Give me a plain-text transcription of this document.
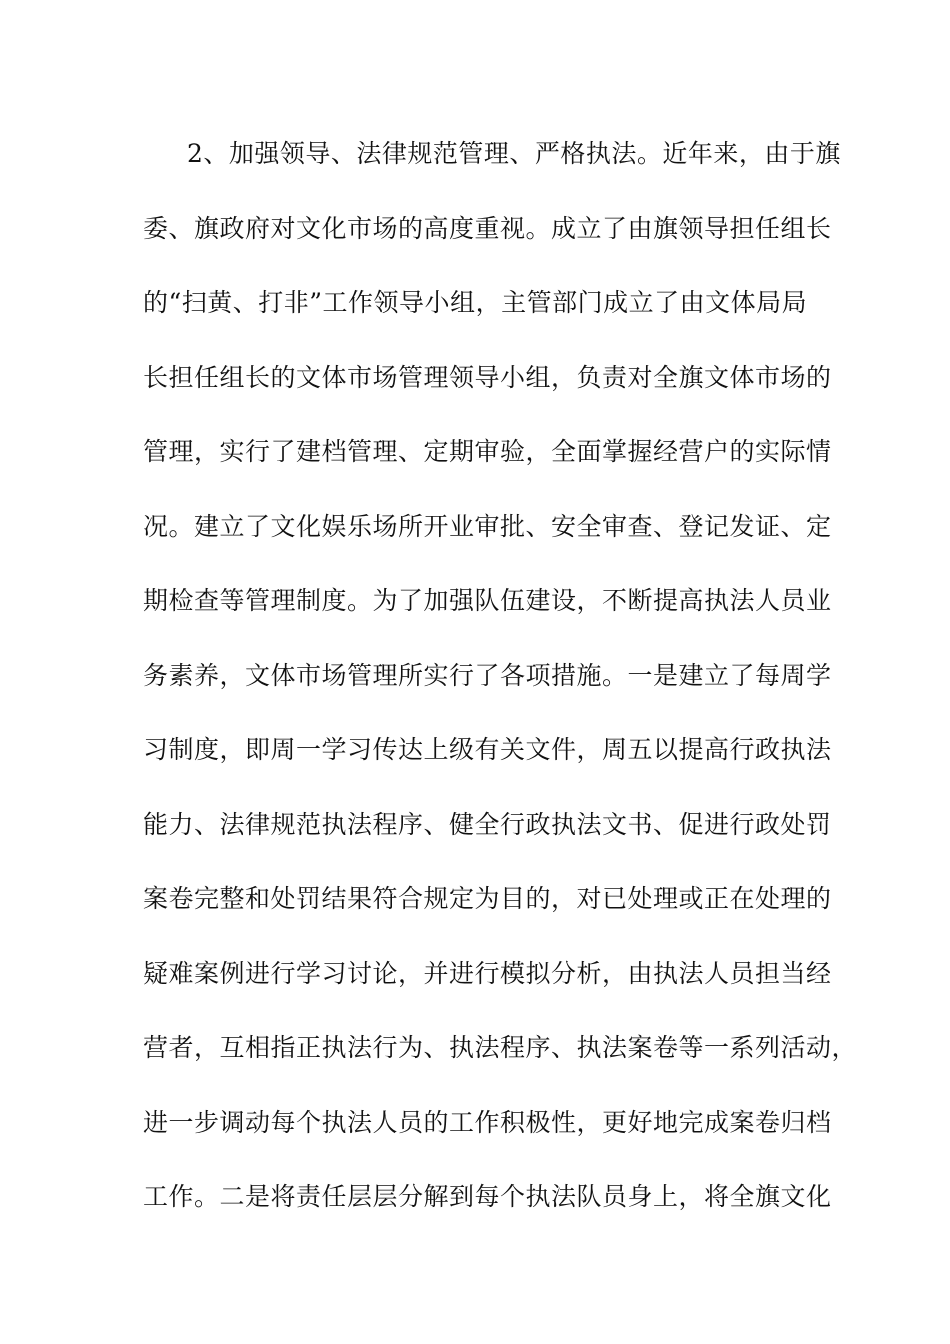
2、加强领导、法律规范管理、严格执法。近年来，由于旗
委、旗政府对文化市场的高度重视。成立了由旗领导担任组长
的“扫黄、打非”工作领导小组，主管部门成立了由文体局局
长担任组长的文体市场管理领导小组，负责对全旗文体市场的
管理，实行了建档管理、定期审验，全面掌握经营户的实际情
况。建立了文化娱乐场所开业审批、安全审查、登记发证、定
期检查等管理制度。为了加强队伍建设，不断提高执法人员业
务素养，文体市场管理所实行了各项措施。一是建立了每周学
习制度，即周一学习传达上级有关文件，周五以提高行政执法
能力、法律规范执法程序、健全行政执法文书、促进行政处罚
案卷完整和处罚结果符合规定为目的，对已处理或正在处理的
疑难案例进行学习讨论，并进行模拟分析，由执法人员担当经
营者，互相指正执法行为、执法程序、执法案卷等一系列活动，
进一步调动每个执法人员的工作积极性，更好地完成案卷归档
工作。二是将责任层层分解到每个执法队员身上，将全旗文化
